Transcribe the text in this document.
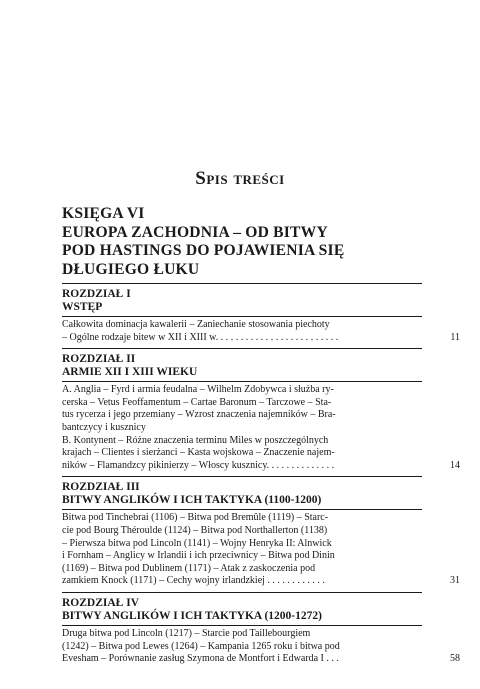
Spis treści
KSIĘGA VI
EUROPA ZACHODNIA – OD BITWY
POD HASTINGS DO POJAWIENIA SIĘ
DŁUGIEGO ŁUKU
ROZDZIAŁ I
WSTĘP
Całkowita dominacja kawalerii – Zaniechanie stosowania piechoty
– Ogólne rodzaje bitew w XII i XIII w. . . . . . . . . . . . . . . . . . . . . . . . .	11
ROZDZIAŁ II
ARMIE XII I XIII WIEKU
A. Anglia – Fyrd i armia feudalna – Wilhelm Zdobywca i służba ry-
cerska – Vetus Feoffamentum – Cartae Baronum – Tarczowe – Sta-
tus rycerza i jego przemiany – Wzrost znaczenia najemników – Bra-
bantczycy i kusznicy
B. Kontynent – Różne znaczenia terminu Miles w poszczególnych
krajach – Clientes i sierżanci – Kasta wojskowa – Znaczenie najem-
ników – Flamandzcy pikinierzy – Włoscy kusznicy. . . . . . . . . . . . . .	14
ROZDZIAŁ III
BITWY ANGLIKÓW I ICH TAKTYKA (1100-1200)
Bitwa pod Tinchebrai (1106) – Bitwa pod Bremûle (1119) – Starc-
cie pod Bourg Théroulde (1124) – Bitwa pod Northallerton (1138)
– Pierwsza bitwa pod Lincoln (1141) – Wojny Henryka II: Alnwick
i Fornham – Anglicy w Irlandii i ich przeciwnicy – Bitwa pod Dinin
(1169) – Bitwa pod Dublinem (1171) – Atak z zaskoczenia pod
zamkiem Knock (1171) – Cechy wojny irlandzkiej . . . . . . . . . . . .	31
ROZDZIAŁ IV
BITWY ANGLIKÓW I ICH TAKTYKA (1200-1272)
Druga bitwa pod Lincoln (1217) – Starcie pod Taillebourgiem
(1242) – Bitwa pod Lewes (1264) – Kampania 1265 roku i bitwa pod
Evesham – Porównanie zasług Szymona de Montfort i Edwarda I . . .	58
